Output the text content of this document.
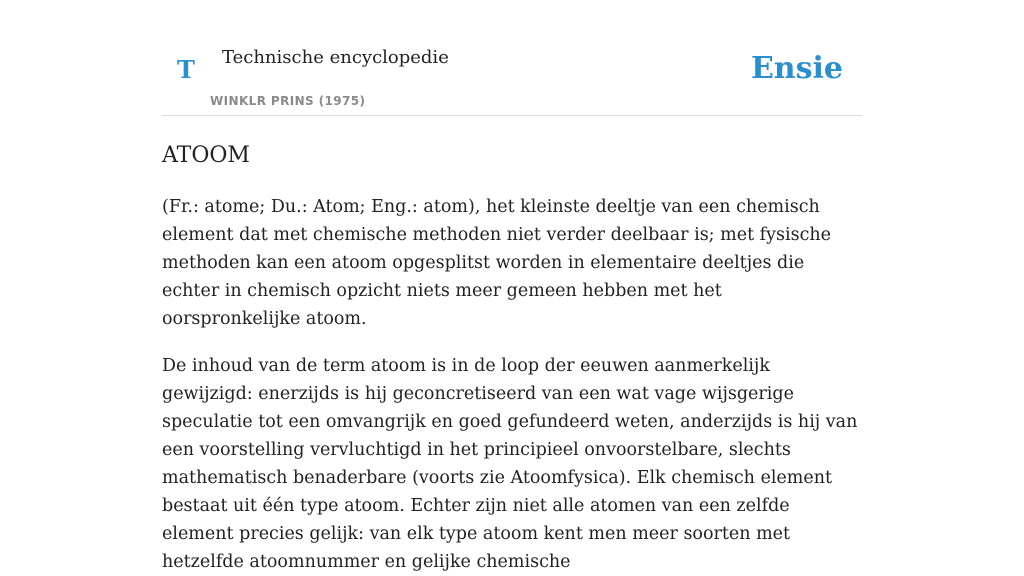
T Technische encyclopedie
WINKLR PRINS (1975)
Ensie
ATOOM

(Fr.: atome; Du.: Atom; Eng.: atom), het kleinste deeltje van een chemisch element dat met chemische methoden niet verder deelbaar is; met fysische methoden kan een atoom opgesplitst worden in elementaire deeltjes die echter in chemisch opzicht niets meer gemeen hebben met het oorspronkelijke atoom.

De inhoud van de term atoom is in de loop der eeuwen aanmerkelijk gewijzigd: enerzijds is hij geconcretiseerd van een wat vage wijsgerige speculatie tot een omvangrijk en goed gefundeerd weten, anderzijds is hij van een voorstelling vervluchtigd in het principieel onvoorstelbare, slechts mathematisch benaderbare (voorts zie Atoomfysica). Elk chemisch element bestaat uit één type atoom. Echter zijn niet alle atomen van een zelfde element precies gelijk: van elk type atoom kent men meer soorten met hetzelfde atoomnummer en gelijke chemische
